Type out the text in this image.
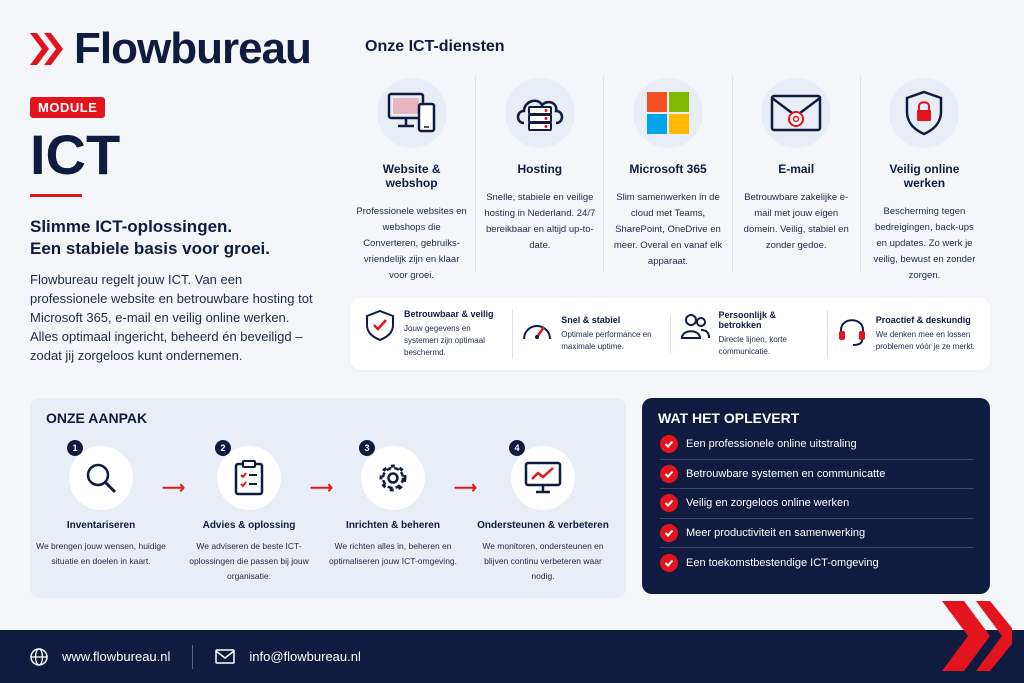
Flowbureau
MODULE
ICT
Slimme ICT-oplossingen.
Een stabiele basis voor groei.
Flowbureau regelt jouw ICT. Van een professionele website en betrouwbare hosting tot Microsoft 365, e-mail en veilig online werken. Alles optimaal ingericht, beheerd én beveiligd – zodat jij zorgeloos kunt ondernemen.
Onze ICT-diensten
Website & webshop
Professionele websites en webshops die Converteren, gebruiks-vriendelijk zijn en klaar voor groei.
Hosting
Snelle, stabiele en veilige hosting in Nederland. 24/7 bereikbaar en altijd up-to-date.
Microsoft 365
Slim samenwerken in de cloud met Teams, SharePoint, OneDrive en meer. Overal en vanaf elk apparaat.
E-mail
Betrouwbare zakelijke e-mail met jouw eigen domein. Veilig, stabiel en zonder gedoe.
Veilig online werken
Bescherming tegen bedreigingen, back-ups en updates. Zo werk je veilig, bewust en zonder zorgen.
Betrouwbaar & veilig
Jouw gegevens en systemen zijn optimaal beschermd.
Snel & stabiel
Optimale performance en maximale uptime.
Persoonlijk & betrokken
Directe lijnen, korte communicatie.
Proactief & deskundig
We denken mee en lossen problemen vóór je ze merkt.
ONZE AANPAK
1
Inventariseren
We brengen jouw wensen, huidige situatie en doelen in kaart.
⟶
2
Advies & oplossing
We adviseren de beste ICT-oplossingen die passen bij jouw organisatie.
⟶
3
Inrichten & beheren
We richten alles in, beheren en optimaliseren jouw ICT-omgeving.
⟶
4
Ondersteunen & verbeteren
We monitoren, ondersteunen en blijven continu verbeteren waar nodig.
WAT HET OPLEVERT
Een professionele online uitstraling
Betrouwbare systemen en communicatte
Veilig en zorgeloos online werken
Meer productiviteit en samenwerking
Een toekomstbestendige ICT-omgeving
www.flowbureau.nl	info@flowbureau.nl
